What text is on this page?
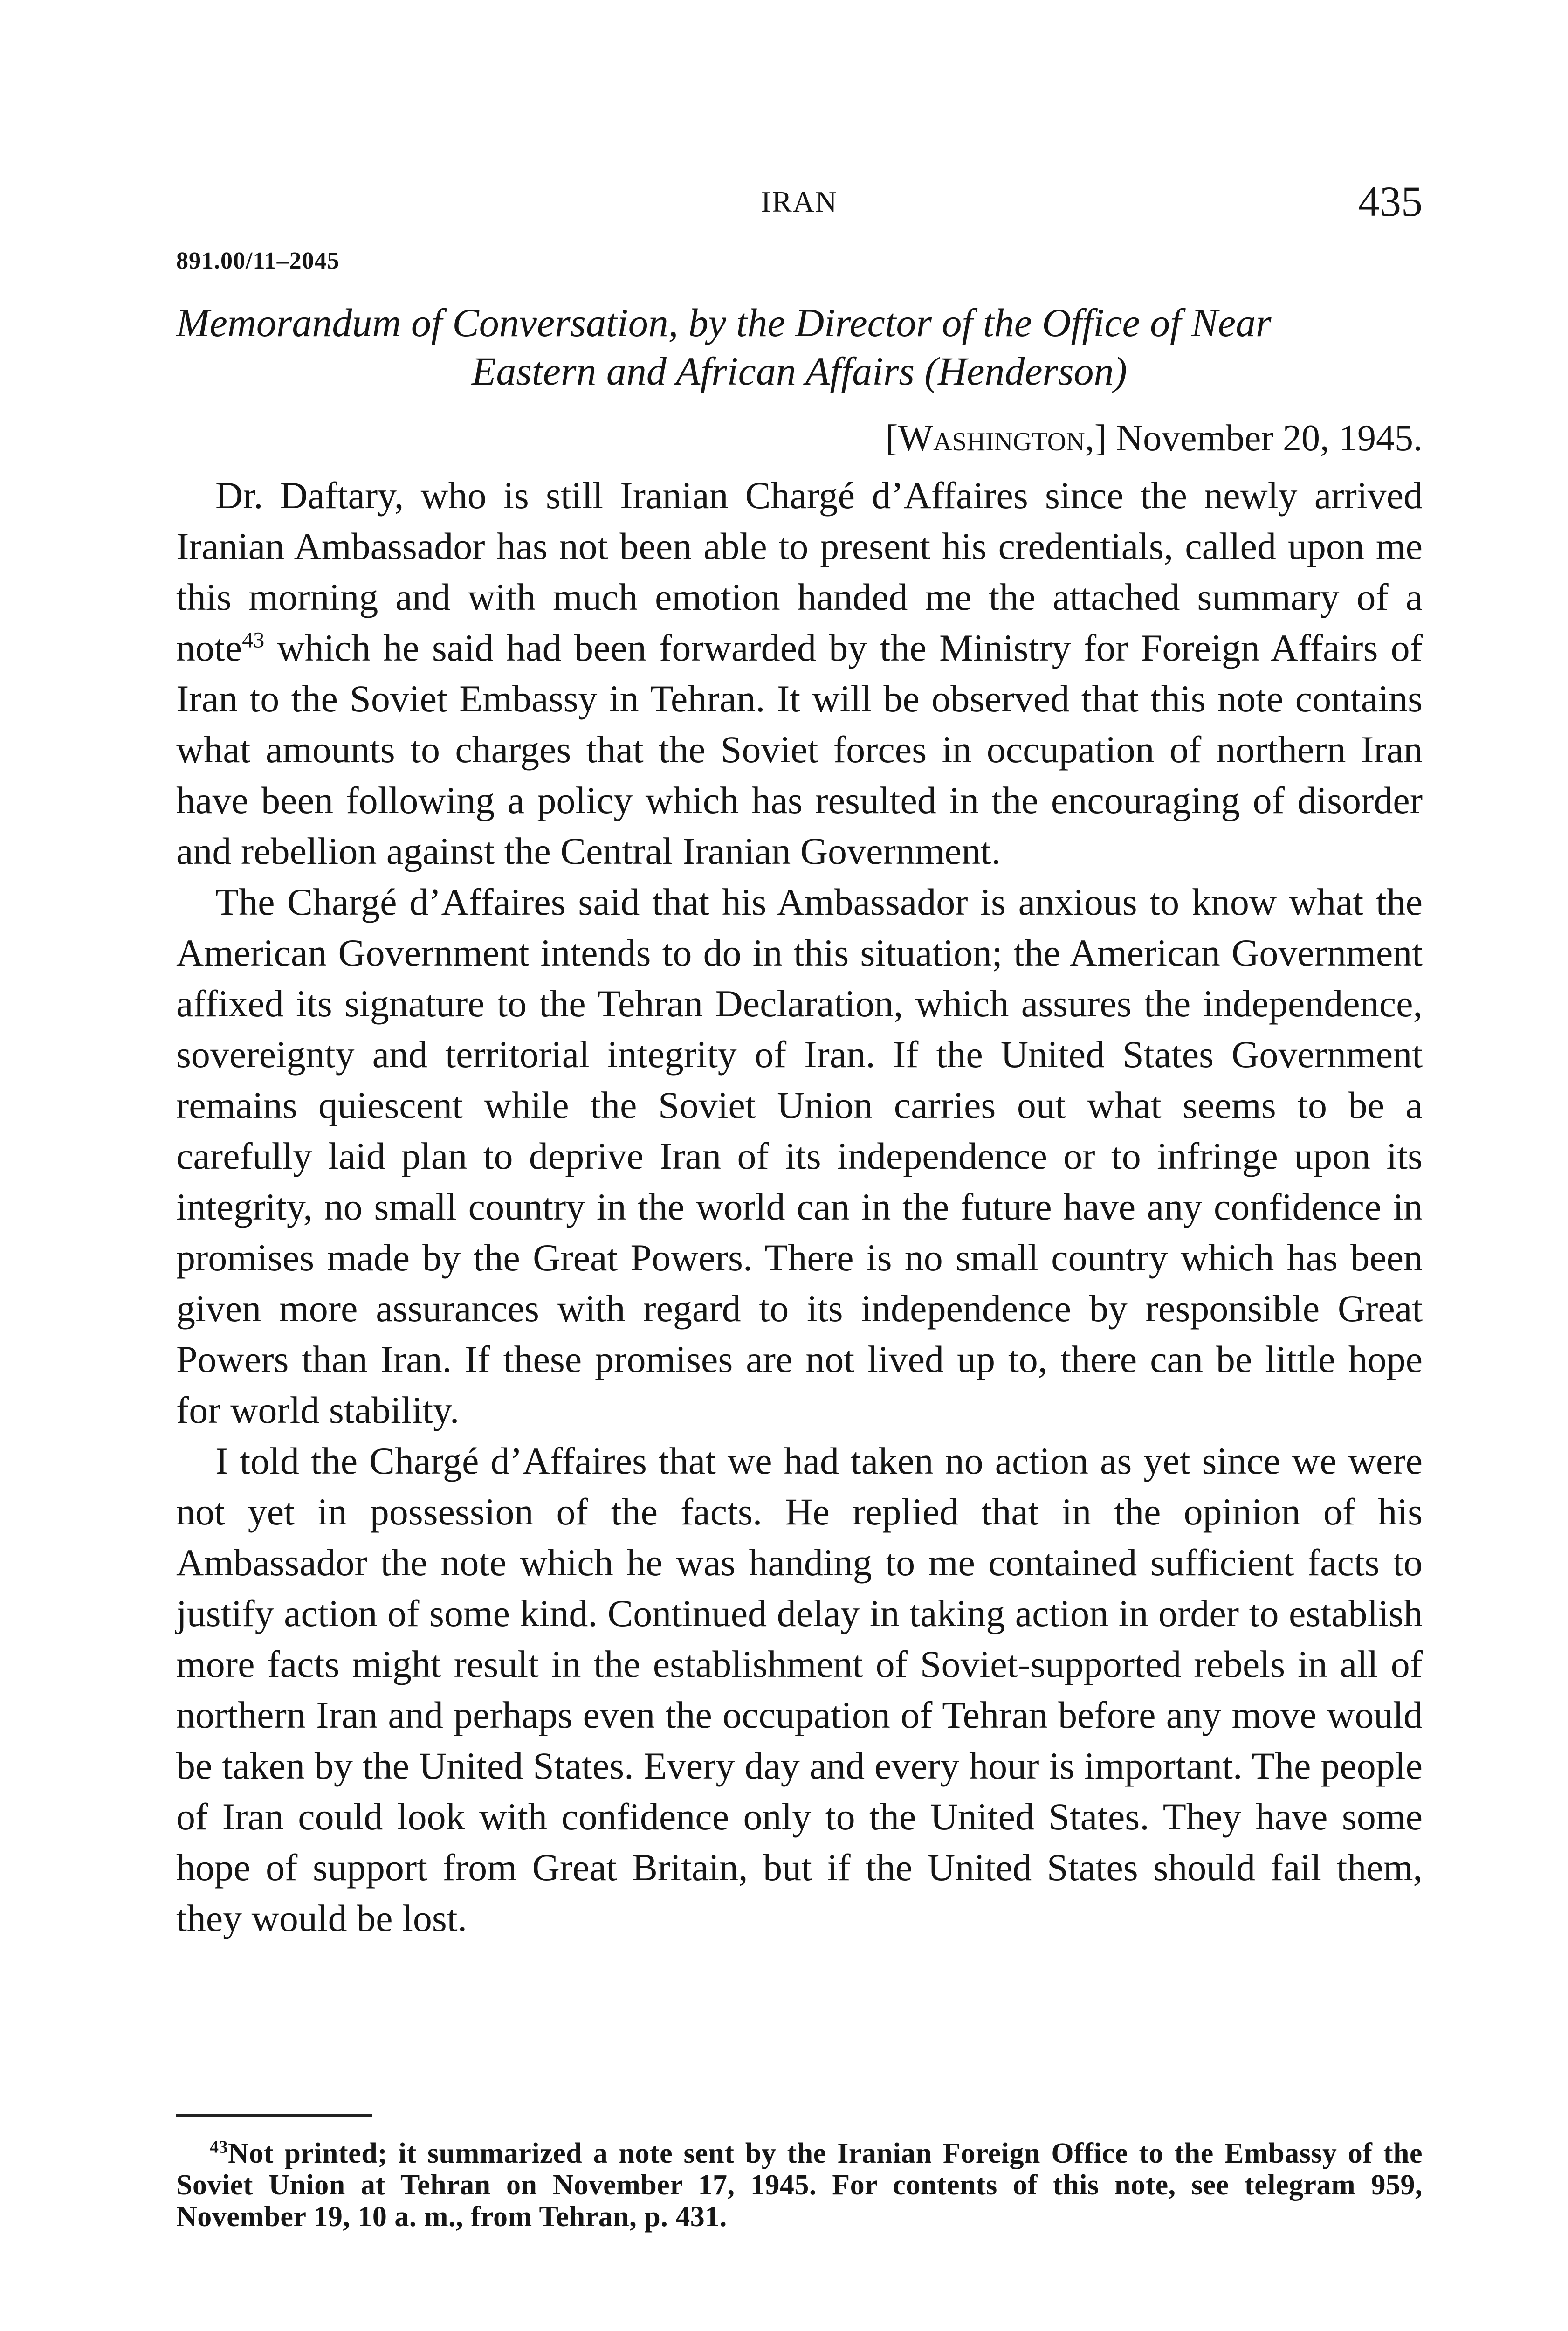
IRAN	435
891.00/11–2045
Memorandum of Conversation, by the Director of the Office of Near
Eastern and African Affairs (Henderson)
[Washington,] November 20, 1945.

Dr. Daftary, who is still Iranian Chargé d’Affaires since the newly arrived Iranian Ambassador has not been able to present his credentials, called upon me this morning and with much emotion handed me the attached summary of a note$^{43}$ which he said had been forwarded by the Ministry for Foreign Affairs of Iran to the Soviet Embassy in Tehran. It will be observed that this note contains what amounts to charges that the Soviet forces in occupation of northern Iran have been following a policy which has resulted in the encouraging of disorder and rebellion against the Central Iranian Government.

The Chargé d’Affaires said that his Ambassador is anxious to know what the American Government intends to do in this situation; the American Government affixed its signature to the Tehran Declaration, which assures the independence, sovereignty and territorial integrity of Iran. If the United States Government remains quiescent while the Soviet Union carries out what seems to be a carefully laid plan to deprive Iran of its independence or to infringe upon its integrity, no small country in the world can in the future have any confidence in promises made by the Great Powers. There is no small country which has been given more assurances with regard to its independence by responsible Great Powers than Iran. If these promises are not lived up to, there can be little hope for world stability.

I told the Chargé d’Affaires that we had taken no action as yet since we were not yet in possession of the facts. He replied that in the opinion of his Ambassador the note which he was handing to me contained sufficient facts to justify action of some kind. Continued delay in taking action in order to establish more facts might result in the establishment of Soviet-supported rebels in all of northern Iran and perhaps even the occupation of Tehran before any move would be taken by the United States. Every day and every hour is important. The people of Iran could look with confidence only to the United States. They have some hope of support from Great Britain, but if the United States should fail them, they would be lost.

$^{43}$Not printed; it summarized a note sent by the Iranian Foreign Office to the Embassy of the Soviet Union at Tehran on November 17, 1945. For contents of this note, see telegram 959, November 19, 10 a. m., from Tehran, p. 431.
